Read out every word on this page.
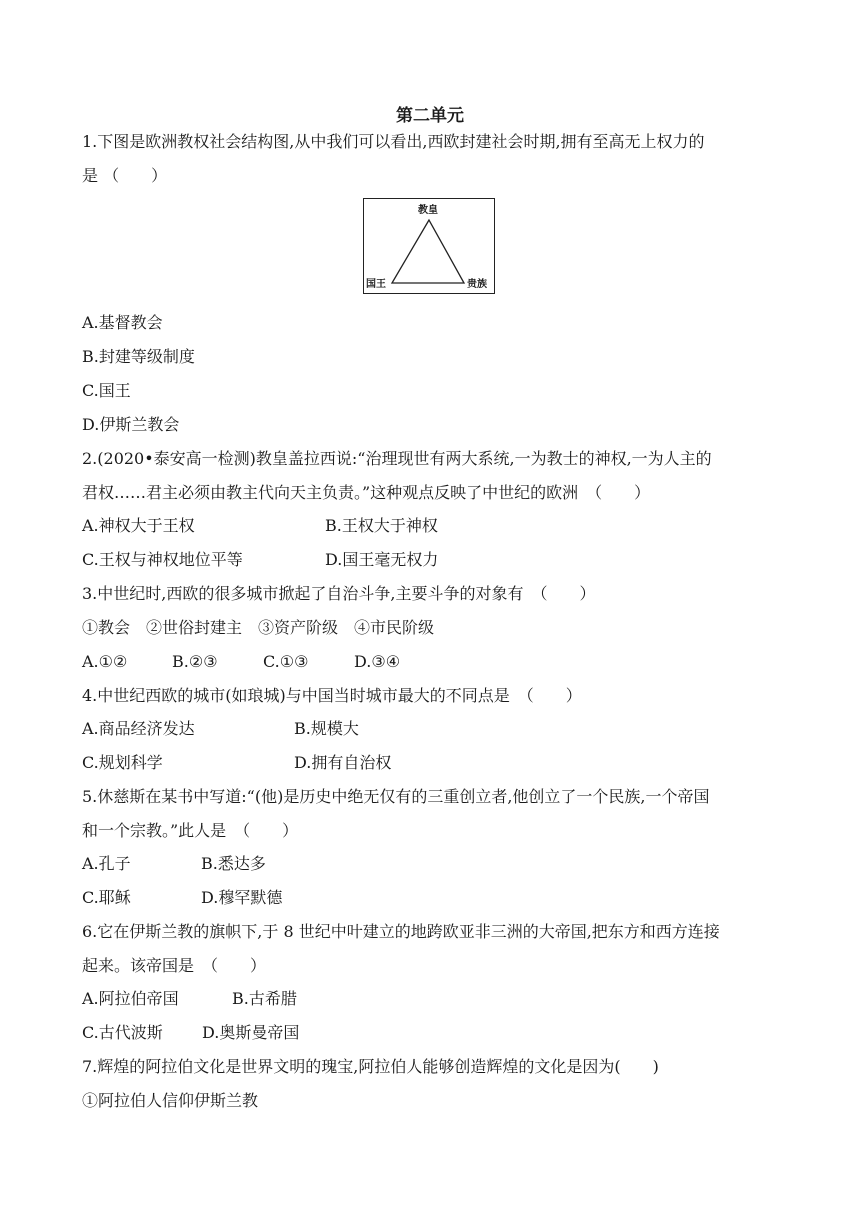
第二单元
1.下图是欧洲教权社会结构图,从中我们可以看出,西欧封建社会时期,拥有至高无上权力的
是 （　　）
教皇
国王	贵族
A.基督教会
B.封建等级制度
C.国王
D.伊斯兰教会
2.(2020•泰安高一检测)教皇盖拉西说:“治理现世有两大系统,一为教士的神权,一为人主的
君权……君主必须由教主代向天主负责。”这种观点反映了中世纪的欧洲　（　　）
A.神权大于王权	B.王权大于神权
C.王权与神权地位平等	D.国王毫无权力
3.中世纪时,西欧的很多城市掀起了自治斗争,主要斗争的对象有　（　　）
①教会　②世俗封建主　③资产阶级　④市民阶级
A.①②	B.②③	C.①③	D.③④
4.中世纪西欧的城市(如琅城)与中国当时城市最大的不同点是　（　　）
A.商品经济发达	B.规模大
C.规划科学	D.拥有自治权
5.休慈斯在某书中写道:“(他)是历史中绝无仅有的三重创立者,他创立了一个民族,一个帝国
和一个宗教。”此人是　（　　）
A.孔子	B.悉达多
C.耶稣	D.穆罕默德
6.它在伊斯兰教的旗帜下,于 8 世纪中叶建立的地跨欧亚非三洲的大帝国,把东方和西方连接
起来。该帝国是　（　　）
A.阿拉伯帝国	B.古希腊
C.古代波斯 D.奥斯曼帝国
7.辉煌的阿拉伯文化是世界文明的瑰宝,阿拉伯人能够创造辉煌的文化是因为(　　)
①阿拉伯人信仰伊斯兰教
